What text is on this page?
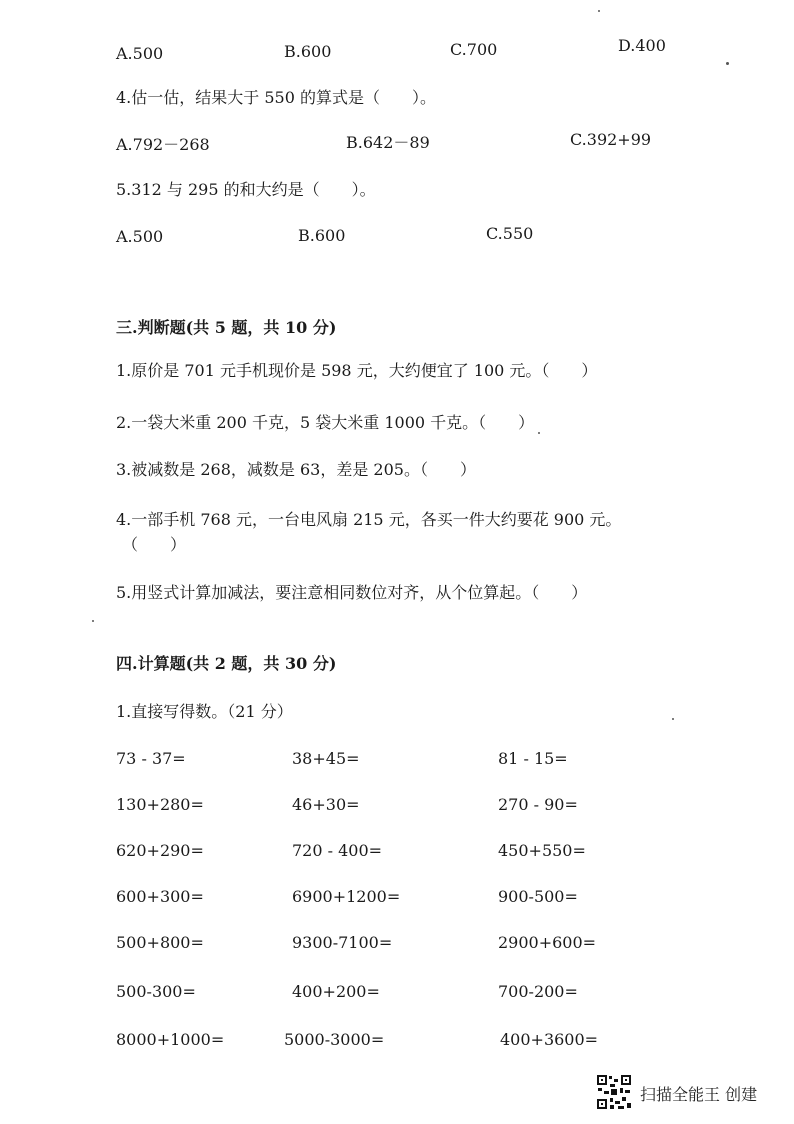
A.500	B.600	C.700	D.400
4.估一估，结果大于 550 的算式是（　　）。
A.792－268	B.642－89	C.392+99
5.312 与 295 的和大约是（　　）。
A.500	B.600	C.550
三.判断题(共 5 题，共 10 分)
1.原价是 701 元手机现价是 598 元，大约便宜了 100 元。（　　）
2.一袋大米重 200 千克，5 袋大米重 1000 千克。（　　）
3.被减数是 268，减数是 63，差是 205。（　　）
4.一部手机 768 元，一台电风扇 215 元，各买一件大约要花 900 元。
（　　）
5.用竖式计算加减法，要注意相同数位对齐，从个位算起。（　　）
四.计算题(共 2 题，共 30 分)
1.直接写得数。（21 分）
73 - 37=	38+45=	81 - 15=
130+280=	46+30=	270 - 90=
620+290=	720 - 400=	450+550=
600+300=	6900+1200=	900-500=
500+800=	9300-7100=	2900+600=
500-300=	400+200=	700-200=
8000+1000=	5000-3000=	400+3600=
扫描全能王 创建
